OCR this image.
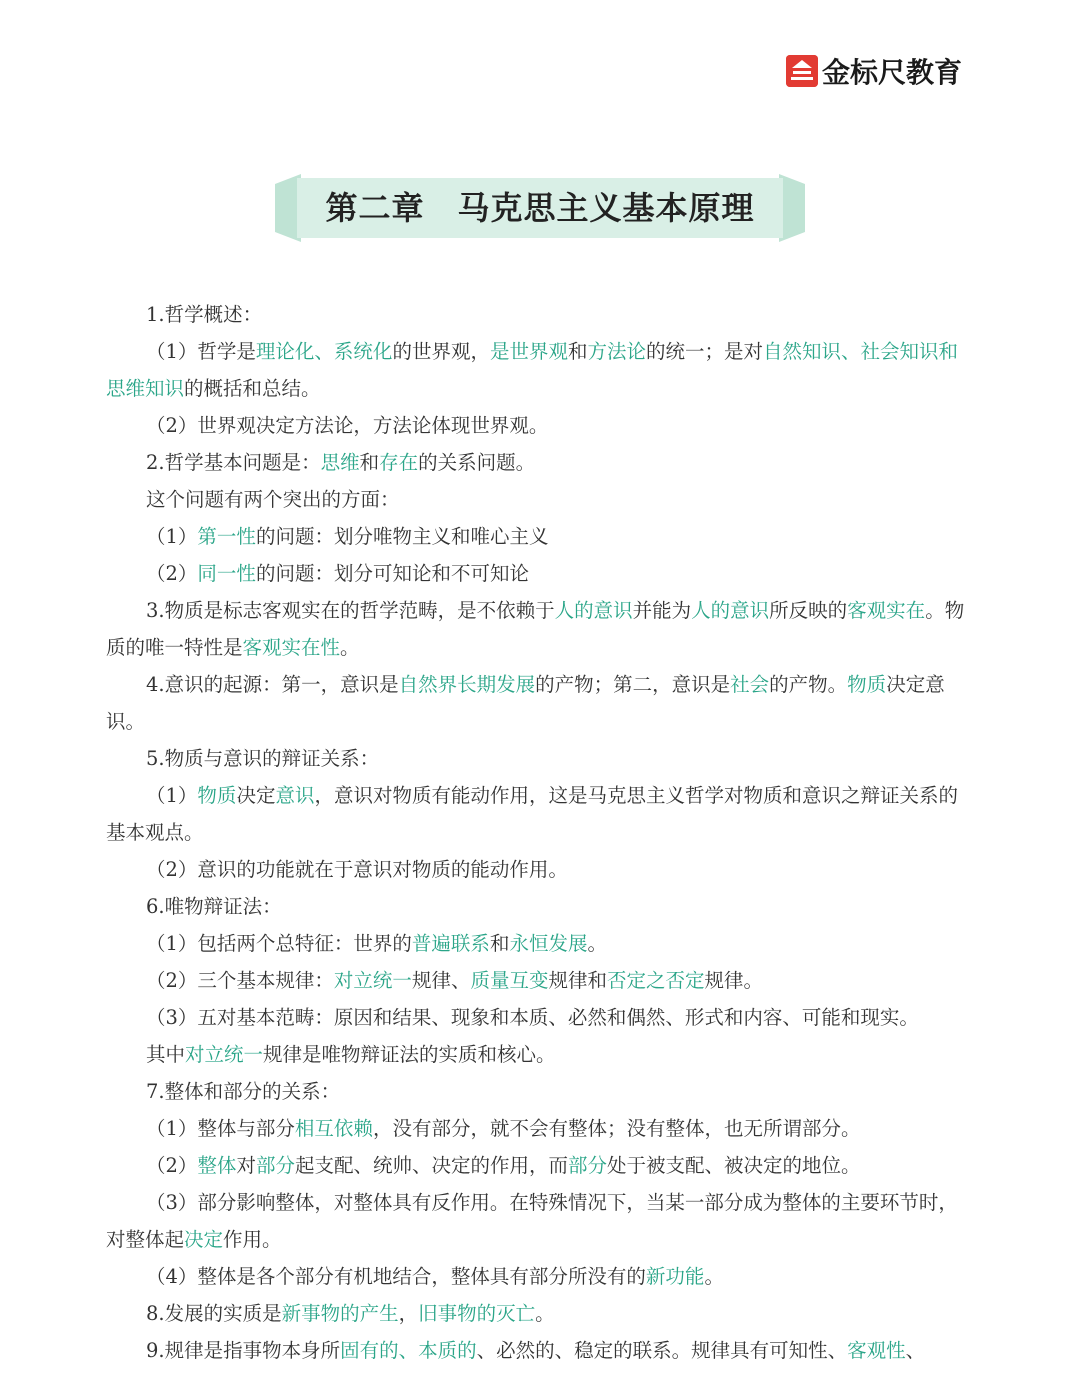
金标尺教育
第二章　马克思主义基本原理

1.哲学概述：

（1）哲学是理论化、系统化的世界观，是世界观和方法论的统一；是对自然知识、社会知识和思维知识的概括和总结。

（2）世界观决定方法论，方法论体现世界观。

2.哲学基本问题是：思维和存在的关系问题。

这个问题有两个突出的方面：

（1）第一性的问题：划分唯物主义和唯心主义

（2）同一性的问题：划分可知论和不可知论

3.物质是标志客观实在的哲学范畴，是不依赖于人的意识并能为人的意识所反映的客观实在。物质的唯一特性是客观实在性。

4.意识的起源：第一，意识是自然界长期发展的产物；第二，意识是社会的产物。物质决定意识。

5.物质与意识的辩证关系：

（1）物质决定意识，意识对物质有能动作用，这是马克思主义哲学对物质和意识之辩证关系的基本观点。

（2）意识的功能就在于意识对物质的能动作用。

6.唯物辩证法：

（1）包括两个总特征：世界的普遍联系和永恒发展。

（2）三个基本规律：对立统一规律、质量互变规律和否定之否定规律。

（3）五对基本范畴：原因和结果、现象和本质、必然和偶然、形式和内容、可能和现实。

其中对立统一规律是唯物辩证法的实质和核心。

7.整体和部分的关系：

（1）整体与部分相互依赖，没有部分，就不会有整体；没有整体，也无所谓部分。

（2）整体对部分起支配、统帅、决定的作用，而部分处于被支配、被决定的地位。

（3）部分影响整体，对整体具有反作用。在特殊情况下，当某一部分成为整体的主要环节时，对整体起决定作用。

（4）整体是各个部分有机地结合，整体具有部分所没有的新功能。

8.发展的实质是新事物的产生，旧事物的灭亡。

9.规律是指事物本身所固有的、本质的、必然的、稳定的联系。规律具有可知性、客观性、
